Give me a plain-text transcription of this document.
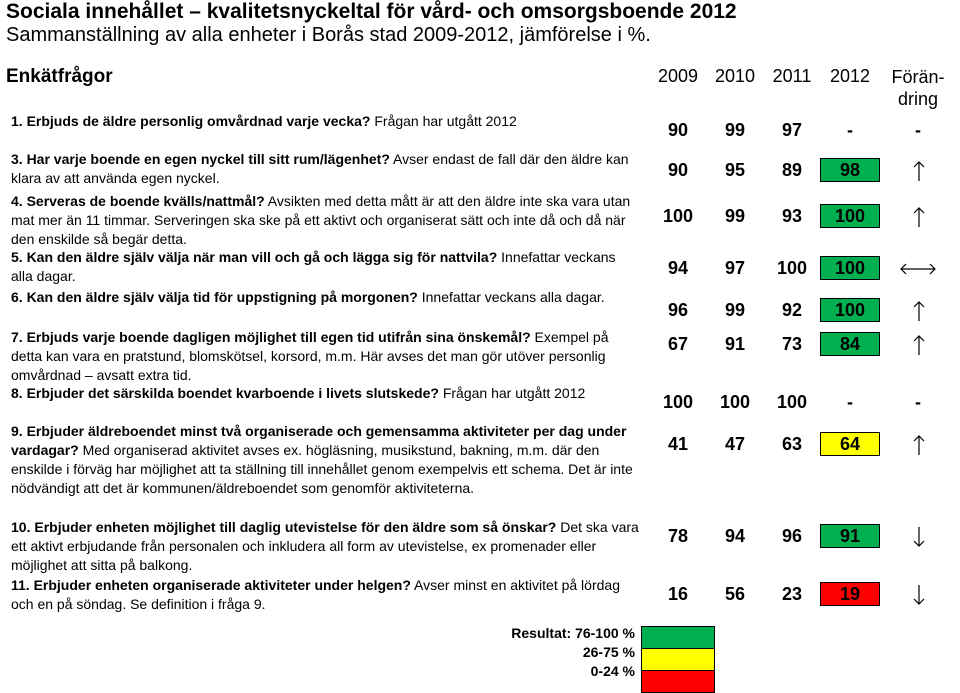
Sociala innehållet – kvalitetsnyckeltal för vård- och omsorgsboende 2012
Sammanställning av alla enheter i Borås stad 2009-2012, jämförelse i %.
Enkätfrågor	2009 2010 2011	2012	Förän-
dring
1. Erbjuds de äldre personlig omvårdnad varje vecka? Frågan har utgått 2012	90	99	97	-	-
3. Har varje boende en egen nyckel till sitt rum/lägenhet? Avser endast de fall där den äldre kan klara av att använda egen nyckel.	90	95	89	98
4. Serveras de boende kvälls/nattmål? Avsikten med detta mått är att den äldre inte ska vara utan mat mer än 11 timmar. Serveringen ska ske på ett aktivt och organiserat sätt och inte då och då när den enskilde så begär detta.
100	99	93	100
5. Kan den äldre själv välja när man vill och gå och lägga sig för nattvila? Innefattar veckans alla dagar.	94	97	100	100
6. Kan den äldre själv välja tid för uppstigning på morgonen? Innefattar veckans alla dagar.
96	99	92	100
7. Erbjuds varje boende dagligen möjlighet till egen tid utifrån sina önskemål? Exempel på detta kan vara en pratstund, blomskötsel, korsord, m.m. Här avses det man gör utöver personlig omvårdnad – avsatt extra tid.
67	91	73	84
8. Erbjuder det särskilda boendet kvarboende i livets slutskede? Frågan har utgått 2012	100	100	100	-	-
9. Erbjuder äldreboendet minst två organiserade och gemensamma aktiviteter per dag under vardagar? Med organiserad aktivitet avses ex. högläsning, musikstund, bakning, m.m. där den enskilde i förväg har möjlighet att ta ställning till innehållet genom exempelvis ett schema. Det är inte nödvändigt att det är kommunen/äldreboendet som genomför aktiviteterna.
41	47	63	64
10. Erbjuder enheten möjlighet till daglig utevistelse för den äldre som så önskar? Det ska vara ett aktivt erbjudande från personalen och inkludera all form av utevistelse, ex promenader eller möjlighet att sitta på balkong.
78	94	96	91
11. Erbjuder enheten organiserade aktiviteter under helgen? Avser minst en aktivitet på lördag och en på söndag. Se definition i fråga 9.	16	56	23	19
Resultat: 76-100 %
26-75 %
0-24 %
